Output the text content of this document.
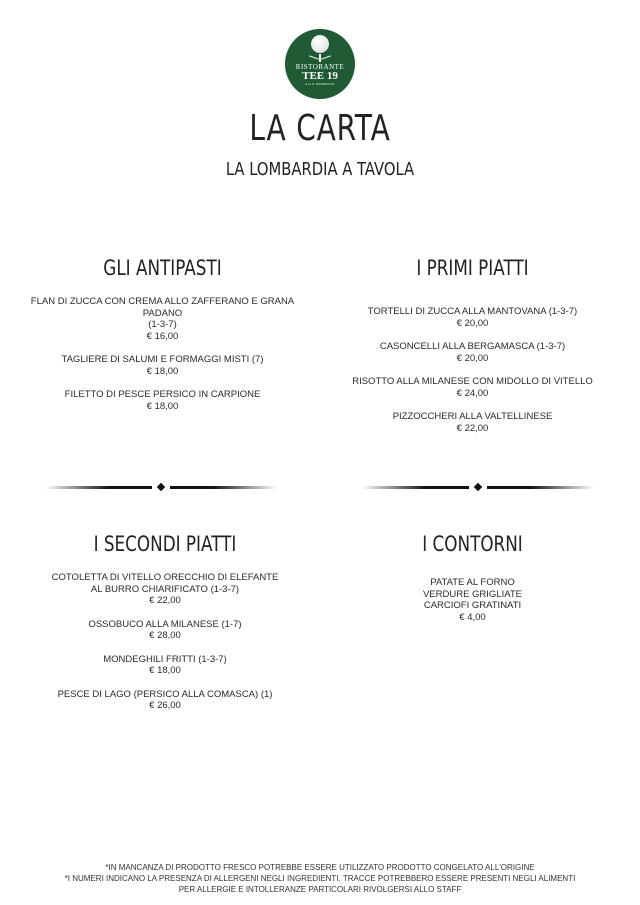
RISTORANTE
TEE 19
ALLA PAPERINA
LA CARTA
LA LOMBARDIA A TAVOLA
GLI ANTIPASTI
FLAN DI ZUCCA CON CREMA ALLO ZAFFERANO E GRANA PADANO
(1-3-7)
€ 16,00
TAGLIERE DI SALUMI E FORMAGGI MISTI (7)
€ 18,00
FILETTO DI PESCE PERSICO IN CARPIONE
€ 18,00
I PRIMI PIATTI
TORTELLI DI ZUCCA ALLA MANTOVANA (1-3-7)
€ 20,00
CASONCELLI ALLA BERGAMASCA (1-3-7)
€ 20,00
RISOTTO ALLA MILANESE CON MIDOLLO DI VITELLO
€ 24,00
PIZZOCCHERI ALLA VALTELLINESE
€ 22,00
I SECONDI PIATTI
COTOLETTA DI VITELLO ORECCHIO DI ELEFANTE
AL BURRO CHIARIFICATO (1-3-7)
€ 22,00
OSSOBUCO ALLA MILANESE (1-7)
€ 28,00
MONDEGHILI FRITTI (1-3-7)
€ 18,00
PESCE DI LAGO (PERSICO ALLA COMASCA) (1)
€ 26,00
I CONTORNI
PATATE AL FORNO
VERDURE GRIGLIATE
CARCIOFI GRATINATI
€ 4,00
*IN MANCANZA DI PRODOTTO FRESCO POTREBBE ESSERE UTILIZZATO PRODOTTO CONGELATO ALL'ORIGINE
*I NUMERI INDICANO LA PRESENZA DI ALLERGENI NEGLI INGREDIENTI. TRACCE POTREBBERO ESSERE PRESENTI NEGLI ALIMENTI
PER ALLERGIE E INTOLLERANZE PARTICOLARI RIVOLGERSI ALLO STAFF
